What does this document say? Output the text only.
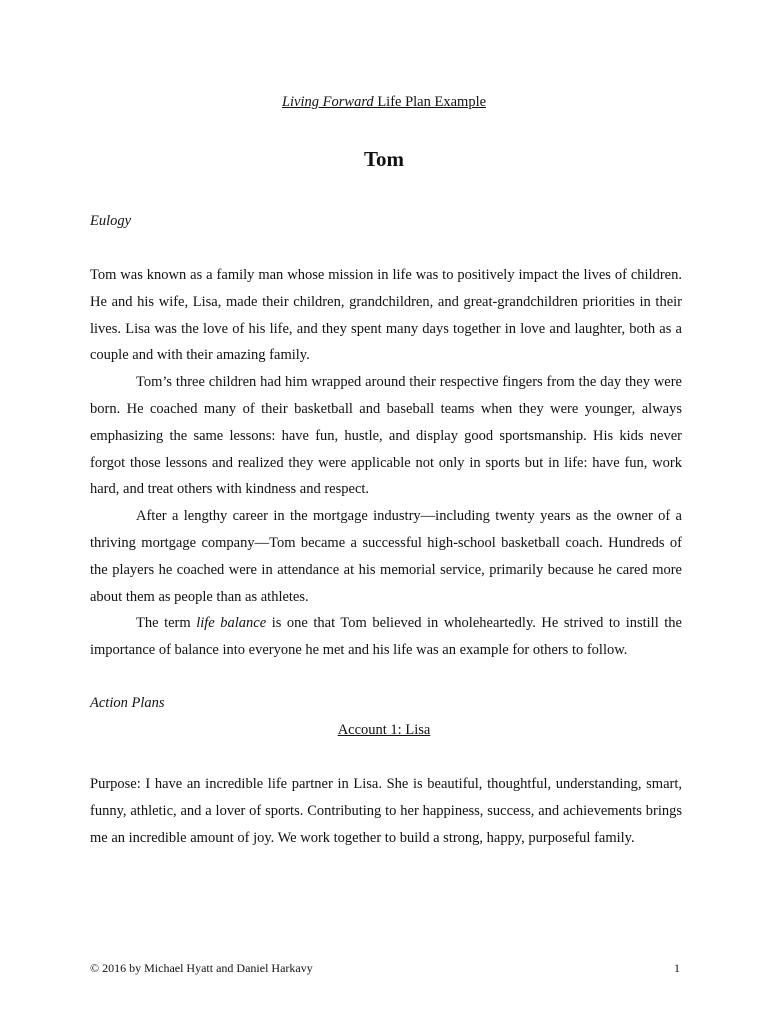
Living Forward Life Plan Example
Tom
Eulogy

Tom was known as a family man whose mission in life was to positively impact the lives of children. He and his wife, Lisa, made their children, grandchildren, and great-grandchildren priorities in their lives. Lisa was the love of his life, and they spent many days together in love and laughter, both as a couple and with their amazing family.

Tom’s three children had him wrapped around their respective fingers from the day they were born. He coached many of their basketball and baseball teams when they were younger, always emphasizing the same lessons: have fun, hustle, and display good sportsmanship. His kids never forgot those lessons and realized they were applicable not only in sports but in life: have fun, work hard, and treat others with kindness and respect.

After a lengthy career in the mortgage industry—including twenty years as the owner of a thriving mortgage company—Tom became a successful high-school basketball coach. Hundreds of the players he coached were in attendance at his memorial service, primarily because he cared more about them as people than as athletes.

The term life balance is one that Tom believed in wholeheartedly. He strived to instill the importance of balance into everyone he met and his life was an example for others to follow.

Action Plans
Account 1: Lisa

Purpose: I have an incredible life partner in Lisa. She is beautiful, thoughtful, understanding, smart, funny, athletic, and a lover of sports. Contributing to her happiness, success, and achievements brings me an incredible amount of joy. We work together to build a strong, happy, purposeful family.

© 2016 by Michael Hyatt and Daniel Harkavy	1
